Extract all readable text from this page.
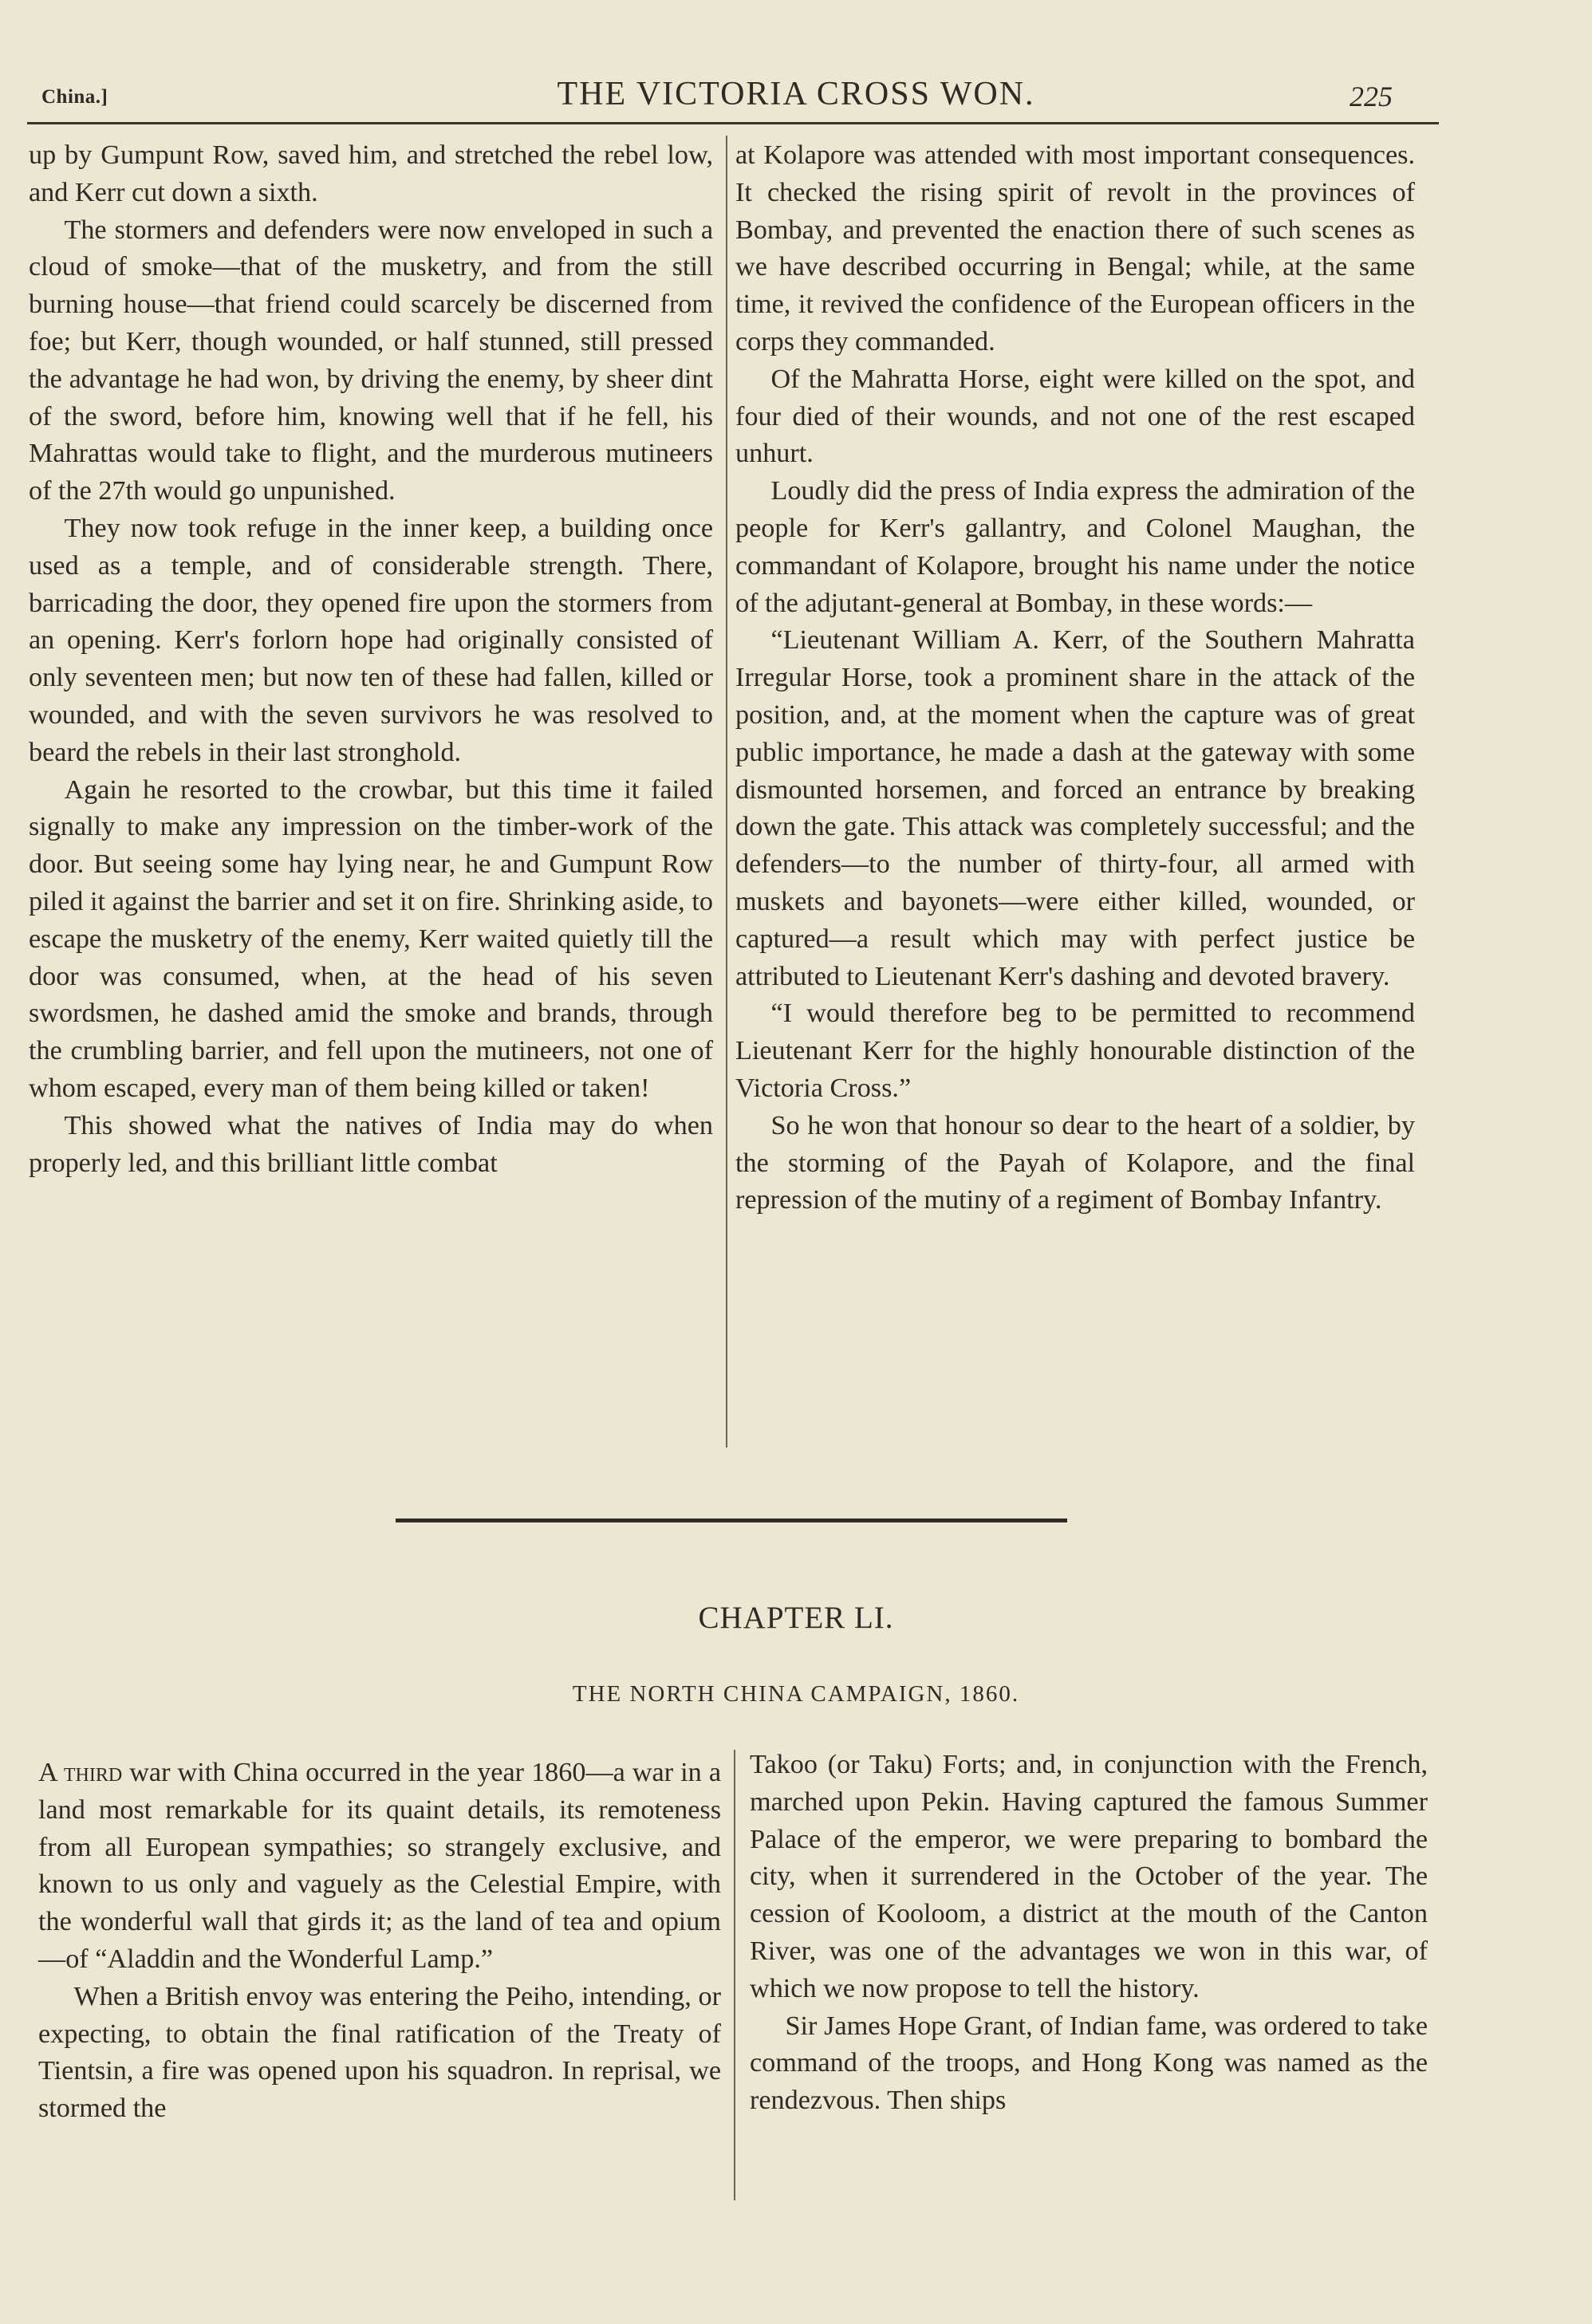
China.]	THE VICTORIA CROSS WON.	225

up by Gumpunt Row, saved him, and stretched the rebel low, and Kerr cut down a sixth.

The stormers and defenders were now enveloped in such a cloud of smoke—that of the musketry, and from the still burning house—that friend could scarcely be discerned from foe; but Kerr, though wounded, or half stunned, still pressed the advantage he had won, by driving the enemy, by sheer dint of the sword, before him, knowing well that if he fell, his Mahrattas would take to flight, and the murderous mutineers of the 27th would go unpunished.

They now took refuge in the inner keep, a building once used as a temple, and of considerable strength. There, barricading the door, they opened fire upon the stormers from an opening. Kerr's forlorn hope had originally consisted of only seventeen men; but now ten of these had fallen, killed or wounded, and with the seven survivors he was resolved to beard the rebels in their last stronghold.

Again he resorted to the crowbar, but this time it failed signally to make any impression on the timber-work of the door. But seeing some hay lying near, he and Gumpunt Row piled it against the barrier and set it on fire. Shrinking aside, to escape the musketry of the enemy, Kerr waited quietly till the door was consumed, when, at the head of his seven swordsmen, he dashed amid the smoke and brands, through the crumbling barrier, and fell upon the mutineers, not one of whom escaped, every man of them being killed or taken!

This showed what the natives of India may do when properly led, and this brilliant little combat

at Kolapore was attended with most important consequences. It checked the rising spirit of revolt in the provinces of Bombay, and prevented the enaction there of such scenes as we have described occurring in Bengal; while, at the same time, it revived the confidence of the European officers in the corps they commanded.

Of the Mahratta Horse, eight were killed on the spot, and four died of their wounds, and not one of the rest escaped unhurt.

Loudly did the press of India express the admiration of the people for Kerr's gallantry, and Colonel Maughan, the commandant of Kolapore, brought his name under the notice of the adjutant-general at Bombay, in these words:—

“Lieutenant William A. Kerr, of the Southern Mahratta Irregular Horse, took a prominent share in the attack of the position, and, at the moment when the capture was of great public importance, he made a dash at the gateway with some dismounted horsemen, and forced an entrance by breaking down the gate. This attack was completely successful; and the defenders—to the number of thirty-four, all armed with muskets and bayonets—were either killed, wounded, or captured—a result which may with perfect justice be attributed to Lieutenant Kerr's dashing and devoted bravery.

“I would therefore beg to be permitted to recommend Lieutenant Kerr for the highly honourable distinction of the Victoria Cross.”

So he won that honour so dear to the heart of a soldier, by the storming of the Payah of Kolapore, and the final repression of the mutiny of a regiment of Bombay Infantry.

CHAPTER LI.
THE NORTH CHINA CAMPAIGN, 1860.

A third war with China occurred in the year 1860—a war in a land most remarkable for its quaint details, its remoteness from all European sympathies; so strangely exclusive, and known to us only and vaguely as the Celestial Empire, with the wonderful wall that girds it; as the land of tea and opium—of “Aladdin and the Wonderful Lamp.”

When a British envoy was entering the Peiho, intending, or expecting, to obtain the final ratification of the Treaty of Tientsin, a fire was opened upon his squadron. In reprisal, we stormed the

Takoo (or Taku) Forts; and, in conjunction with the French, marched upon Pekin. Having captured the famous Summer Palace of the emperor, we were preparing to bombard the city, when it surrendered in the October of the year. The cession of Kooloom, a district at the mouth of the Canton River, was one of the advantages we won in this war, of which we now propose to tell the history.

Sir James Hope Grant, of Indian fame, was ordered to take command of the troops, and Hong Kong was named as the rendezvous. Then ships
